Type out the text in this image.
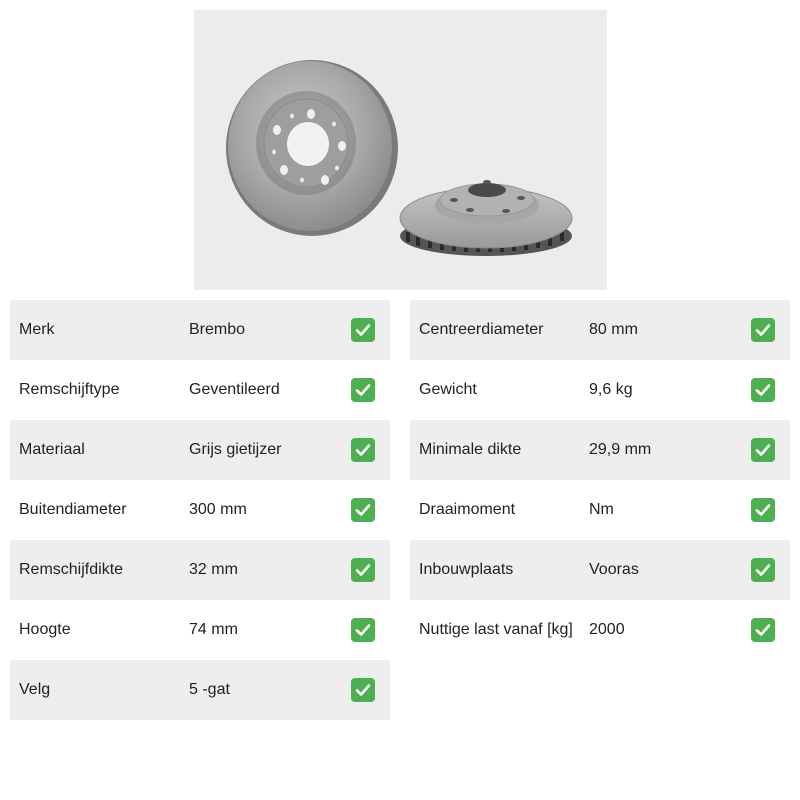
Merk	Brembo
Remschijftype	Geventileerd
Materiaal	Grijs gietijzer
Buitendiameter	300 mm
Remschijfdikte	32 mm
Hoogte	74 mm
Velg	5 -gat
Centreerdiameter	80 mm
Gewicht	9,6 kg
Minimale dikte	29,9 mm
Draaimoment	Nm
Inbouwplaats	Vooras
Nuttige last vanaf [kg] 2000
